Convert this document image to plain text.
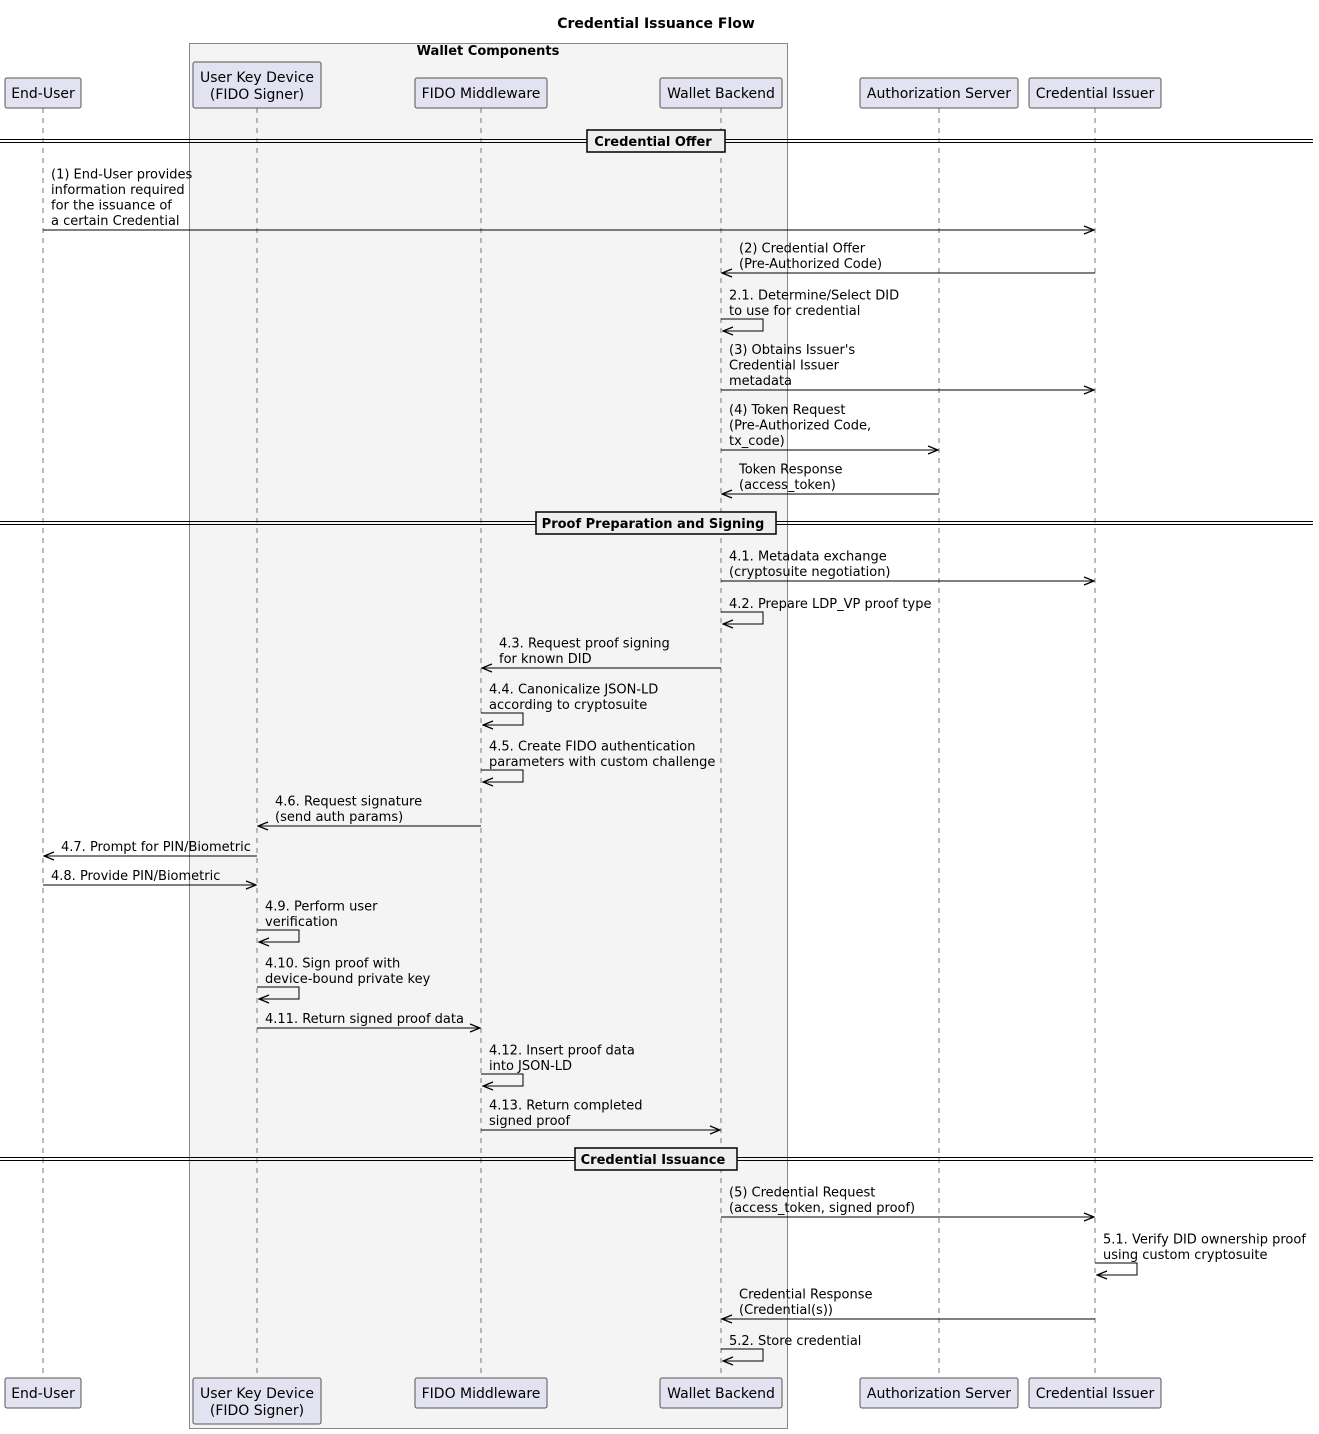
Credential Issuance Flow
Wallet Components
End-User
End-User
User Key Device (FIDO Signer)
User Key Device (FIDO Signer)
FIDO Middleware
FIDO Middleware
Wallet Backend
Wallet Backend
Authorization Server
Authorization Server
Credential Issuer
Credential Issuer
Credential Offer
Proof Preparation and Signing
Credential Issuance
(1) End-User provides information required for the issuance of a certain Credential
(2) Credential Offer (Pre-Authorized Code)
2.1. Determine/Select DID to use for credential
(3) Obtains Issuer's Credential Issuer metadata
(4) Token Request (Pre-Authorized Code, tx_code)
Token Response (access_token)
4.1. Metadata exchange (cryptosuite negotiation)
4.2. Prepare LDP_VP proof type
4.3. Request proof signing for known DID
4.4. Canonicalize JSON-LD according to cryptosuite
4.5. Create FIDO authentication parameters with custom challenge
4.6. Request signature (send auth params)
4.7. Prompt for PIN/Biometric
4.8. Provide PIN/Biometric
4.9. Perform user verification
4.10. Sign proof with device-bound private key
4.11. Return signed proof data
4.12. Insert proof data into JSON-LD
4.13. Return completed signed proof
(5) Credential Request (access_token, signed proof)
5.1. Verify DID ownership proof using custom cryptosuite
Credential Response (Credential(s))
5.2. Store credential
